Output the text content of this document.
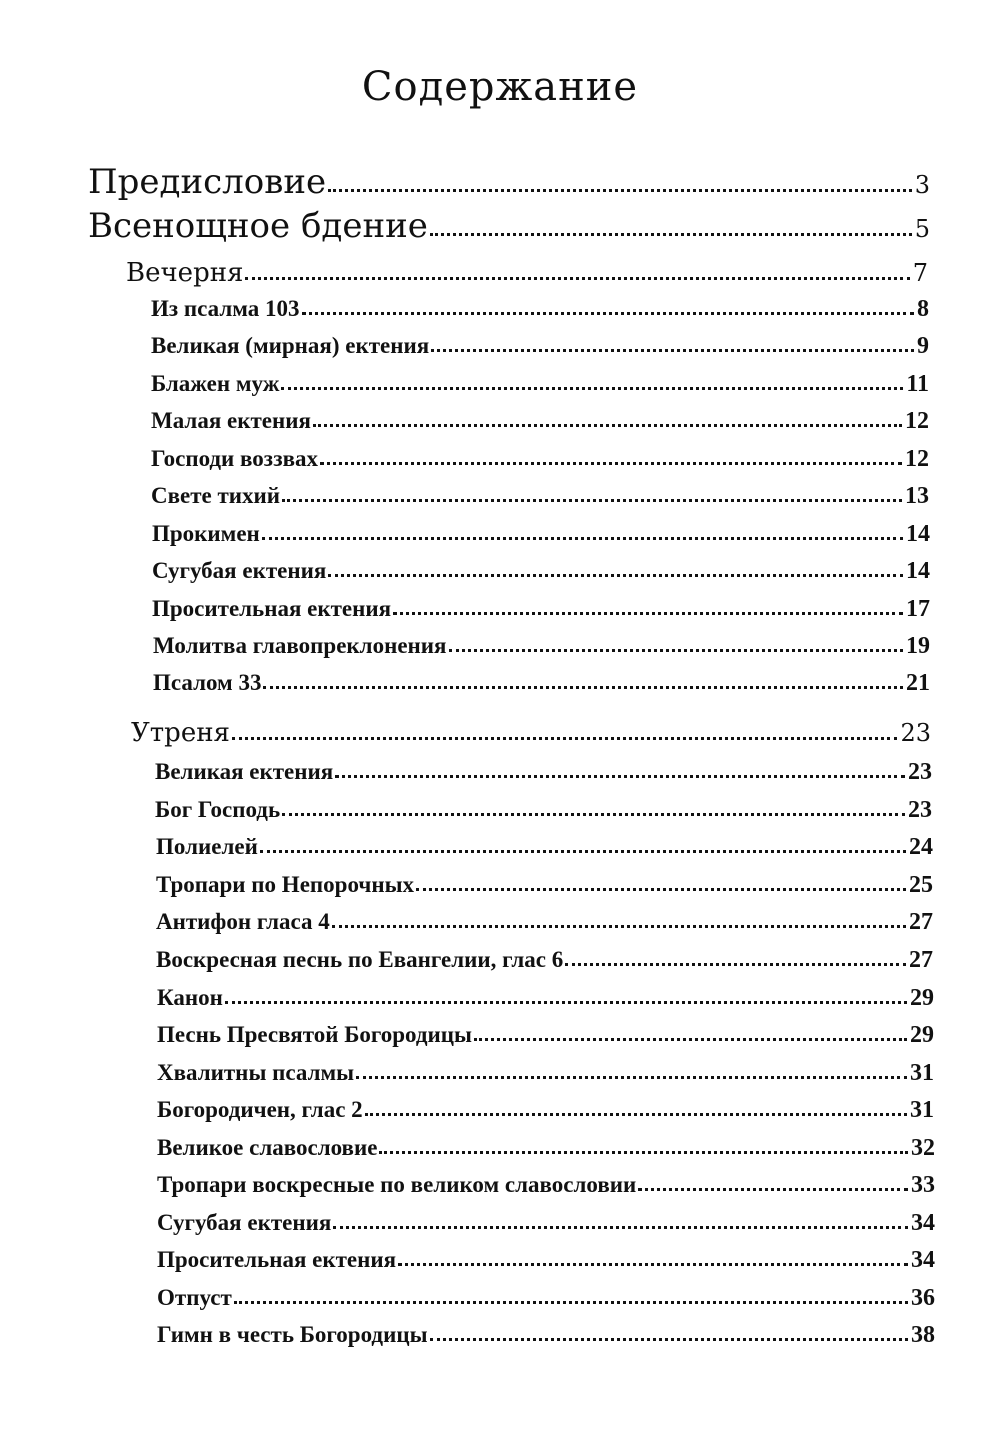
Содержание
Предисловие	3
Всенощное бдение	5
Вечерня	7
Из псалма 103	8
Великая (мирная) ектения	9
Блажен муж	11
Малая ектения	12
Господи воззвах	12
Свете тихий	13
Прокимен	14
Сугубая ектения	14
Просительная ектения	17
Молитва главопреклонения	19
Псалом 33	21
Утреня	23
Великая ектения	23
Бог Господь	23
Полиелей	24
Тропари по Непорочных	25
Антифон гласа 4	27
Воскресная песнь по Евангелии, глас 6	27
Канон	29
Песнь Пресвятой Богородицы	29
Хвалитны псалмы	31
Богородичен, глас 2	31
Великое славословие	32
Тропари воскресные по великом славословии	33
Сугубая ектения	34
Просительная ектения	34
Отпуст	36
Гимн в честь Богородицы	38
